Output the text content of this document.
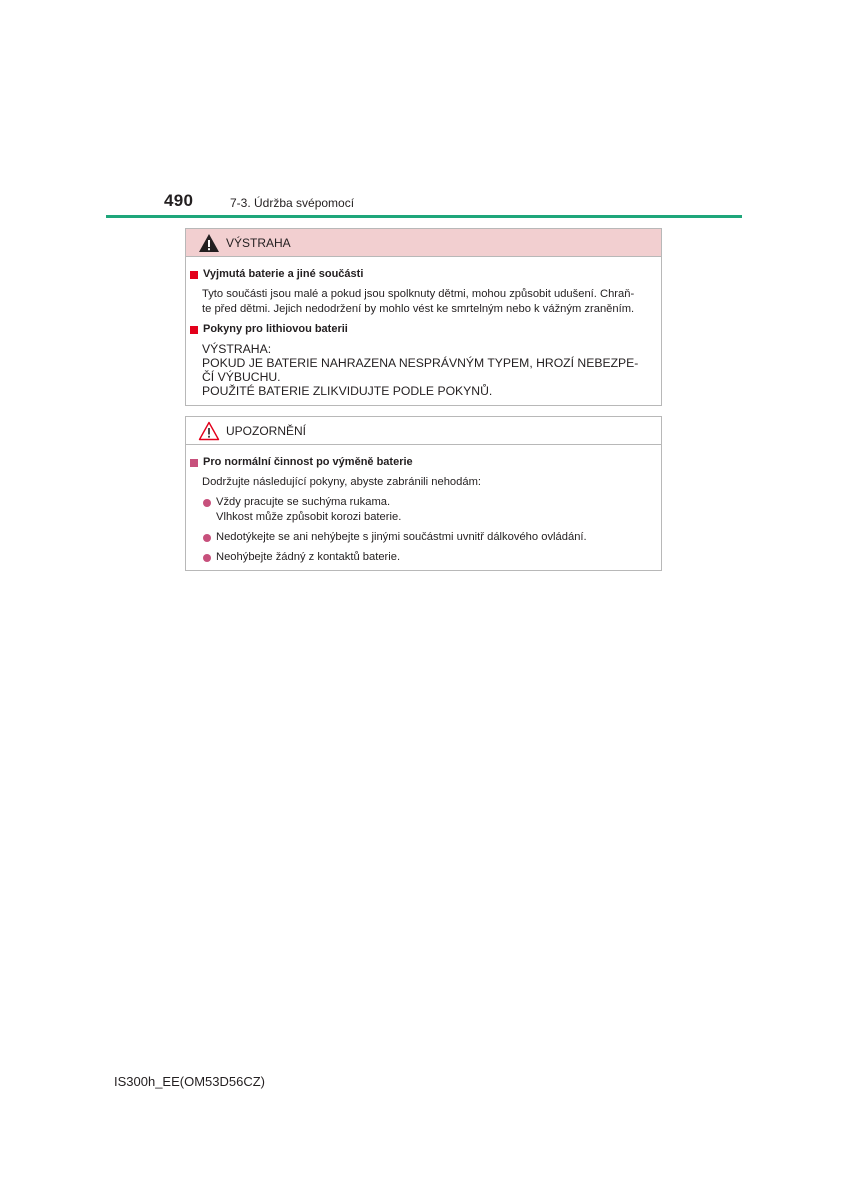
490	7-3. Údržba svépomocí
VÝSTRAHA
Vyjmutá baterie a jiné součásti
Tyto součásti jsou malé a pokud jsou spolknuty dětmi, mohou způsobit udušení. Chraň-
te před dětmi. Jejich nedodržení by mohlo vést ke smrtelným nebo k vážným zraněním.
Pokyny pro lithiovou baterii
VÝSTRAHA:
POKUD JE BATERIE NAHRAZENA NESPRÁVNÝM TYPEM, HROZÍ NEBEZPE-
ČÍ VÝBUCHU.
POUŽITÉ BATERIE ZLIKVIDUJTE PODLE POKYNŮ.
UPOZORNĚNÍ
Pro normální činnost po výměně baterie
Dodržujte následující pokyny, abyste zabránili nehodám:
Vždy pracujte se suchýma rukama.
Vlhkost může způsobit korozi baterie.
Nedotýkejte se ani nehýbejte s jinými součástmi uvnitř dálkového ovládání.
Neohýbejte žádný z kontaktů baterie.
IS300h_EE(OM53D56CZ)
